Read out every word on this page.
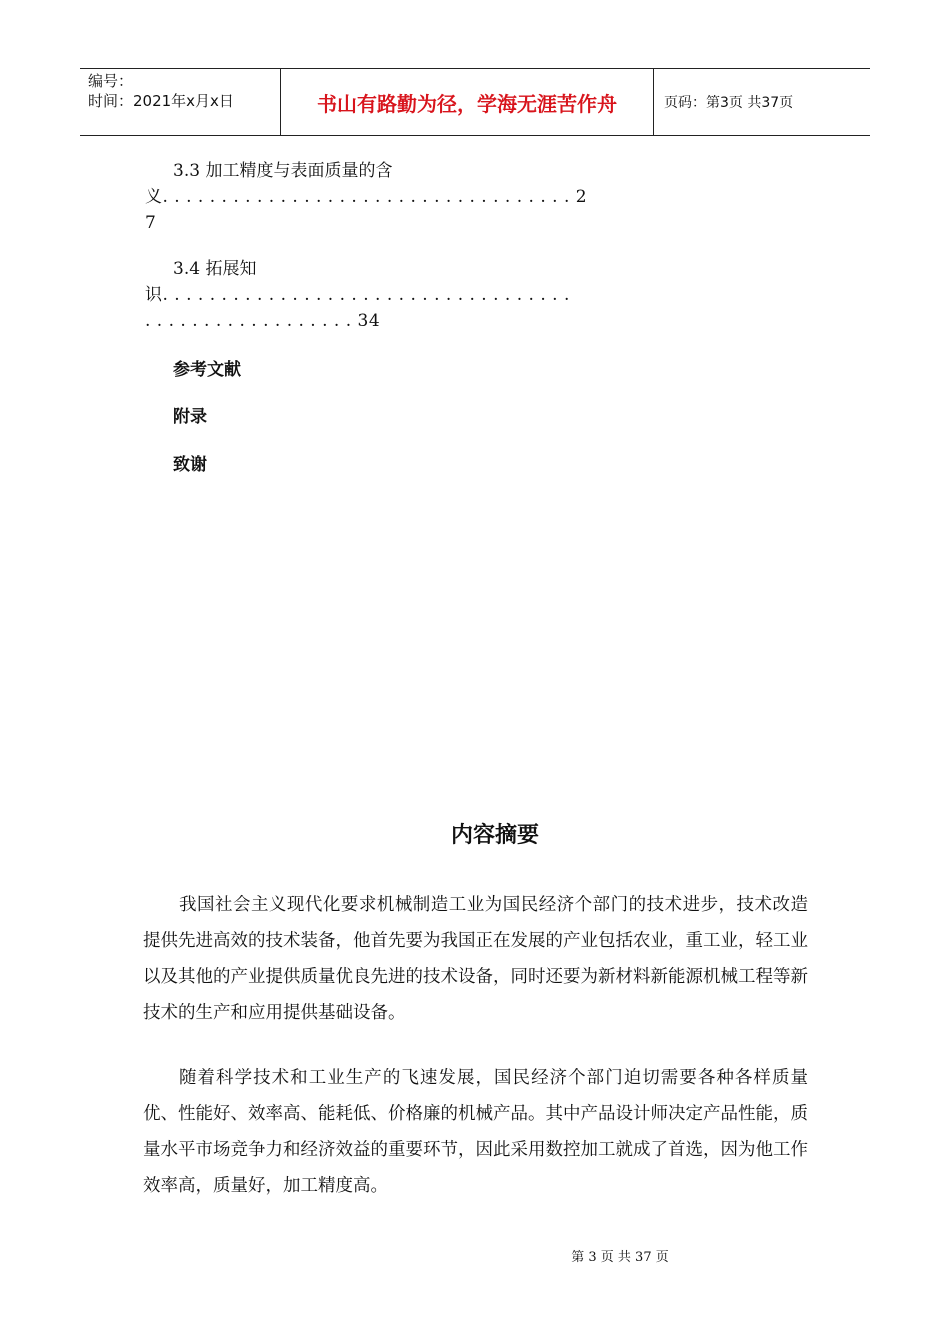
编号：
时间：2021年x月x日	书山有路勤为径，学海无涯苦作舟	页码：第3页 共37页
3.3 加工精度与表面质量的含
义. . . . . . . . . . . . . . . . . . . . . . . . . . . . . . . . . . . 2
7
3.4 拓展知
识. . . . . . . . . . . . . . . . . . . . . . . . . . . . . . . . . . .
. . . . . . . . . . . . . . . . . . 34
参考文献
附录
致谢
内容摘要
我国社会主义现代化要求机械制造工业为国民经济个部门的技术进步，技术改造提供先进高效的技术装备，他首先要为我国正在发展的产业包括农业，重工业，轻工业以及其他的产业提供质量优良先进的技术设备，同时还要为新材料新能源机械工程等新技术的生产和应用提供基础设备。
随着科学技术和工业生产的飞速发展，国民经济个部门迫切需要各种各样质量优、性能好、效率高、能耗低、价格廉的机械产品。其中产品设计师决定产品性能，质量水平市场竞争力和经济效益的重要环节，因此采用数控加工就成了首选，因为他工作效率高，质量好，加工精度高。
第 3 页 共 37 页
